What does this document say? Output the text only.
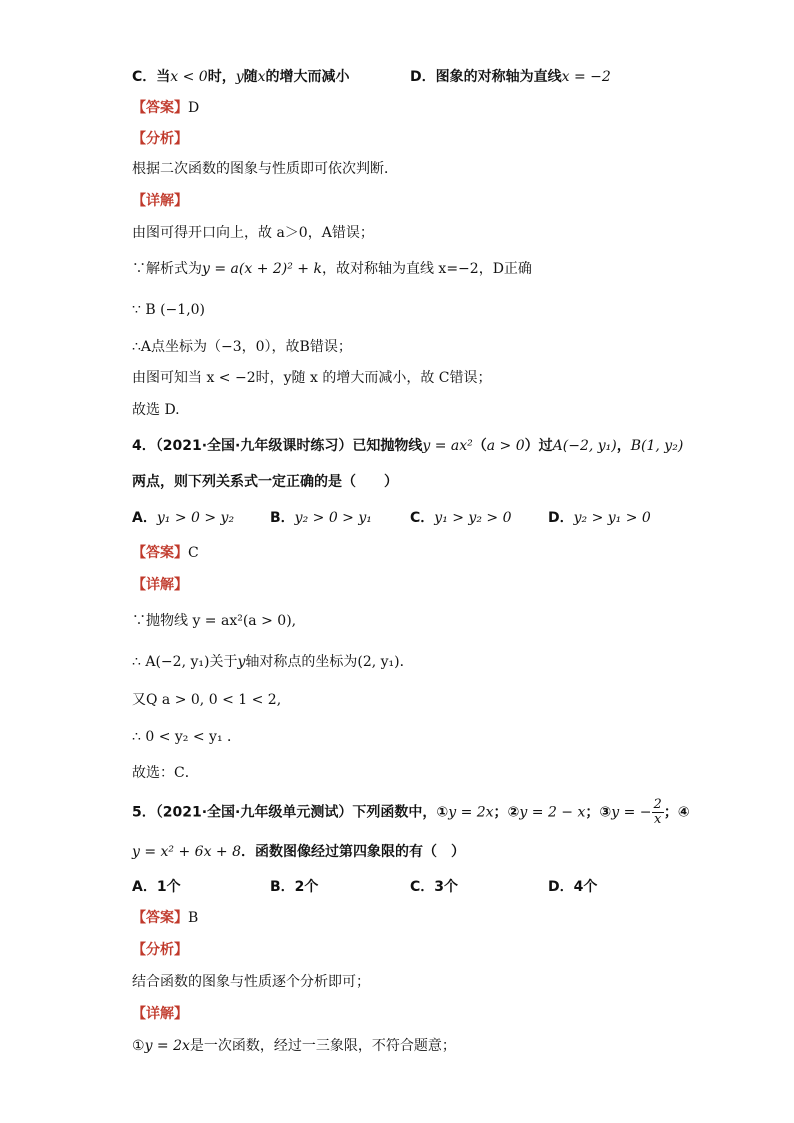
C．当x < 0时，y随x的增大而减小	D．图象的对称轴为直线x = −2
【答案】D
【分析】
根据二次函数的图象与性质即可依次判断．
【详解】
由图可得开口向上，故 a＞0，A错误；
∵解析式为y = a(x + 2)² + k，故对称轴为直线 x=−2，D正确
∵ B (−1,0)
∴A点坐标为（−3，0），故B错误；
由图可知当 x < −2时，y随 x 的增大而减小，故 C错误；
故选 D.
4．（2021·全国·九年级课时练习）已知抛物线y = ax²（a > 0）过A(−2, y₁)，B(1, y₂)
两点，则下列关系式一定正确的是（　　）
A．y₁ > 0 > y₂	B．y₂ > 0 > y₁	C．y₁ > y₂ > 0	D．y₂ > y₁ > 0
【答案】C
【详解】
∵抛物线 y = ax²(a > 0),
∴ A(−2, y₁)关于y轴对称点的坐标为(2, y₁)．
又Q a > 0, 0 < 1 < 2,
∴ 0 < y₂ < y₁ ．
故选：C．
5．（2021·全国·九年级单元测试）下列函数中，①y = 2x；②y = 2 − x；③y = − $\frac{2}{x}$ ；④
y = x² + 6x + 8．函数图像经过第四象限的有（　）
A．1个	B．2个	C．3个	D．4个
【答案】B
【分析】
结合函数的图象与性质逐个分析即可；
【详解】
①y = 2x是一次函数，经过一三象限，不符合题意；
